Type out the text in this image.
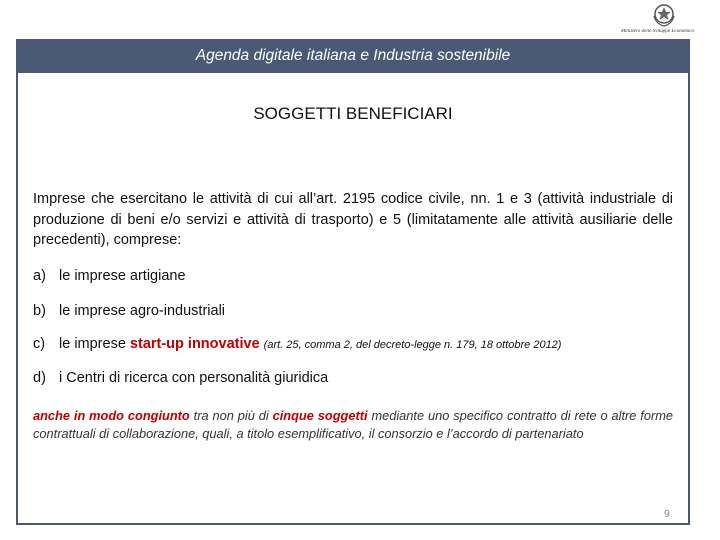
Ministero dello Sviluppo Economico
Agenda digitale italiana e Industria sostenibile
SOGGETTI BENEFICIARI
Imprese che esercitano le attività di cui all’art. 2195 codice civile, nn. 1 e 3 (attività industriale di produzione di beni e/o servizi e attività di trasporto) e 5 (limitatamente alle attività ausiliarie delle precedenti), comprese:
a) le imprese artigiane
b) le imprese agro-industriali
c) le imprese start-up innovative (art. 25, comma 2, del decreto-legge n. 179, 18 ottobre 2012)
d) i Centri di ricerca con personalità giuridica
anche in modo congiunto tra non più di cinque soggetti mediante uno specifico contratto di rete o altre forme contrattuali di collaborazione, quali, a titolo esemplificativo, il consorzio e l’accordo di partenariato
9
